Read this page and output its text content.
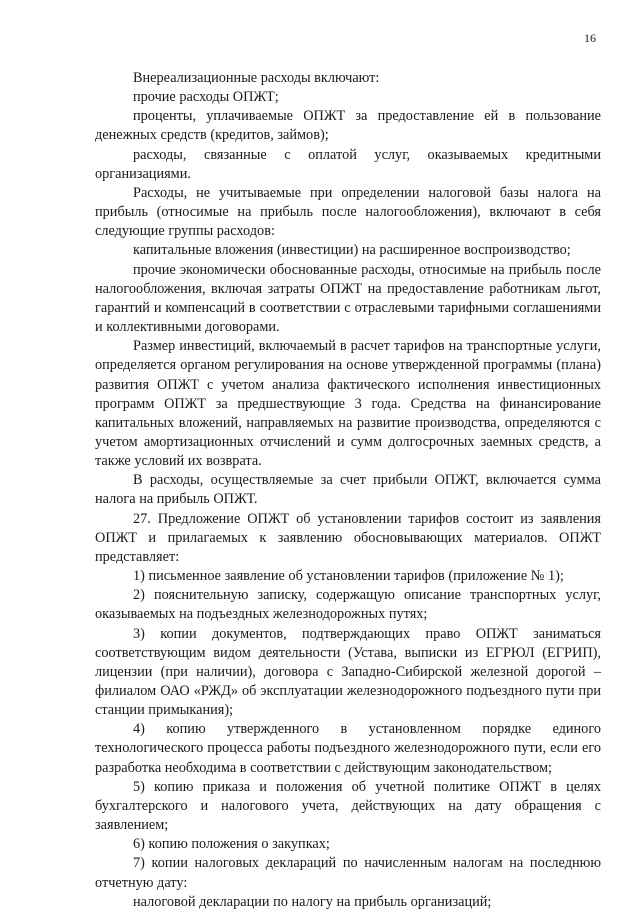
16

Внереализационные расходы включают:

прочие расходы ОПЖТ;

проценты, уплачиваемые ОПЖТ за предоставление ей в пользование денежных средств (кредитов, займов);

расходы, связанные с оплатой услуг, оказываемых кредитными организациями.

Расходы, не учитываемые при определении налоговой базы налога на прибыль (относимые на прибыль после налогообложения), включают в себя следующие группы расходов:

капитальные вложения (инвестиции) на расширенное воспроизводство;

прочие экономически обоснованные расходы, относимые на прибыль после налогообложения, включая затраты ОПЖТ на предоставление работникам льгот, гарантий и компенсаций в соответствии с отраслевыми тарифными соглашениями и коллективными договорами.

Размер инвестиций, включаемый в расчет тарифов на транспортные услуги, определяется органом регулирования на основе утвержденной программы (плана) развития ОПЖТ с учетом анализа фактического исполнения инвестиционных программ ОПЖТ за предшествующие 3 года. Средства на финансирование капитальных вложений, направляемых на развитие производства, определяются с учетом амортизационных отчислений и сумм долгосрочных заемных средств, а также условий их возврата.

В расходы, осуществляемые за счет прибыли ОПЖТ, включается сумма налога на прибыль ОПЖТ.

27. Предложение ОПЖТ об установлении тарифов состоит из заявления ОПЖТ и прилагаемых к заявлению обосновывающих материалов. ОПЖТ представляет:

1) письменное заявление об установлении тарифов (приложение № 1);

2) пояснительную записку, содержащую описание транспортных услуг, оказываемых на подъездных железнодорожных путях;

3) копии документов, подтверждающих право ОПЖТ заниматься соответствующим видом деятельности (Устава, выписки из ЕГРЮЛ (ЕГРИП), лицензии (при наличии), договора с Западно-Сибирской железной дорогой – филиалом ОАО «РЖД» об эксплуатации железнодорожного подъездного пути при станции примыкания);

4) копию утвержденного в установленном порядке единого технологического процесса работы подъездного железнодорожного пути, если его разработка необходима в соответствии с действующим законодательством;

5) копию приказа и положения об учетной политике ОПЖТ в целях бухгалтерского и налогового учета, действующих на дату обращения с заявлением;

6) копию положения о закупках;

7) копии налоговых деклараций по начисленным налогам на последнюю отчетную дату:

налоговой декларации по налогу на прибыль организаций;
